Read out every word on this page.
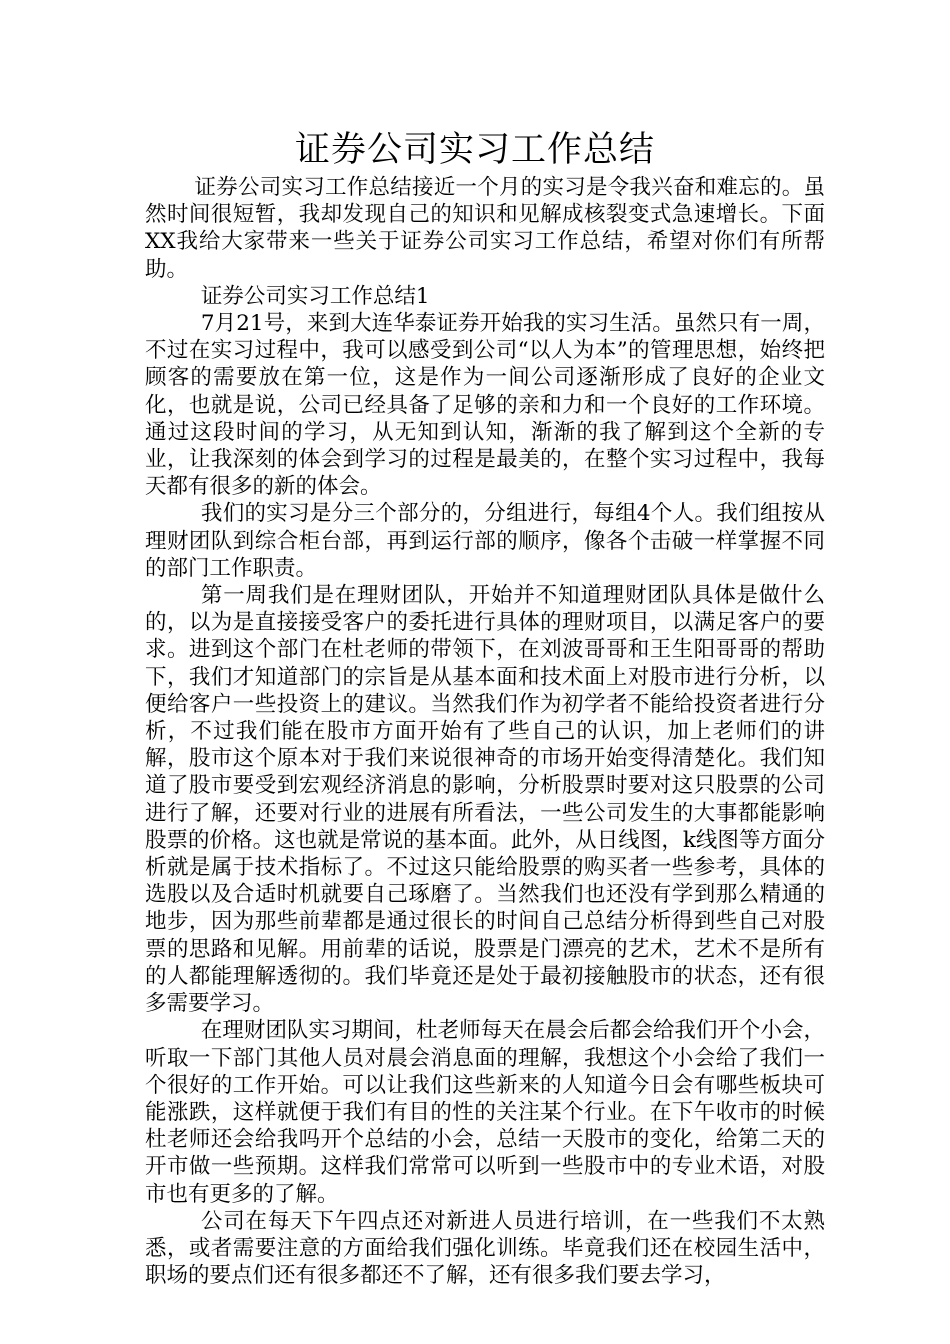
证券公司实习工作总结

证券公司实习工作总结接近一个月的实习是令我兴奋和难忘的。虽然时间很短暂，我却发现自己的知识和见解成核裂变式急速增长。下面XX我给大家带来一些关于证券公司实习工作总结，希望对你们有所帮助。

证券公司实习工作总结1

7月21号，来到大连华泰证券开始我的实习生活。虽然只有一周，不过在实习过程中，我可以感受到公司“以人为本”的管理思想，始终把顾客的需要放在第一位，这是作为一间公司逐渐形成了良好的企业文化，也就是说，公司已经具备了足够的亲和力和一个良好的工作环境。通过这段时间的学习，从无知到认知，渐渐的我了解到这个全新的专业，让我深刻的体会到学习的过程是最美的，在整个实习过程中，我每天都有很多的新的体会。

我们的实习是分三个部分的，分组进行，每组4个人。我们组按从理财团队到综合柜台部，再到运行部的顺序，像各个击破一样掌握不同的部门工作职责。

第一周我们是在理财团队，开始并不知道理财团队具体是做什么的，以为是直接接受客户的委托进行具体的理财项目，以满足客户的要求。进到这个部门在杜老师的带领下，在刘波哥哥和王生阳哥哥的帮助下，我们才知道部门的宗旨是从基本面和技术面上对股市进行分析，以便给客户一些投资上的建议。当然我们作为初学者不能给投资者进行分析，不过我们能在股市方面开始有了些自己的认识，加上老师们的讲解，股市这个原本对于我们来说很神奇的市场开始变得清楚化。我们知道了股市要受到宏观经济消息的影响，分析股票时要对这只股票的公司进行了解，还要对行业的进展有所看法，一些公司发生的大事都能影响股票的价格。这也就是常说的基本面。此外，从日线图，k线图等方面分析就是属于技术指标了。不过这只能给股票的购买者一些参考，具体的选股以及合适时机就要自己琢磨了。当然我们也还没有学到那么精通的地步，因为那些前辈都是通过很长的时间自己总结分析得到些自己对股票的思路和见解。用前辈的话说，股票是门漂亮的艺术，艺术不是所有的人都能理解透彻的。我们毕竟还是处于最初接触股市的状态，还有很多需要学习。

在理财团队实习期间，杜老师每天在晨会后都会给我们开个小会，听取一下部门其他人员对晨会消息面的理解，我想这个小会给了我们一个很好的工作开始。可以让我们这些新来的人知道今日会有哪些板块可能涨跌，这样就便于我们有目的性的关注某个行业。在下午收市的时候杜老师还会给我吗开个总结的小会，总结一天股市的变化，给第二天的开市做一些预期。这样我们常常可以听到一些股市中的专业术语，对股市也有更多的了解。

公司在每天下午四点还对新进人员进行培训，在一些我们不太熟悉，或者需要注意的方面给我们强化训练。毕竟我们还在校园生活中，职场的要点们还有很多都还不了解，还有很多我们要去学习，
